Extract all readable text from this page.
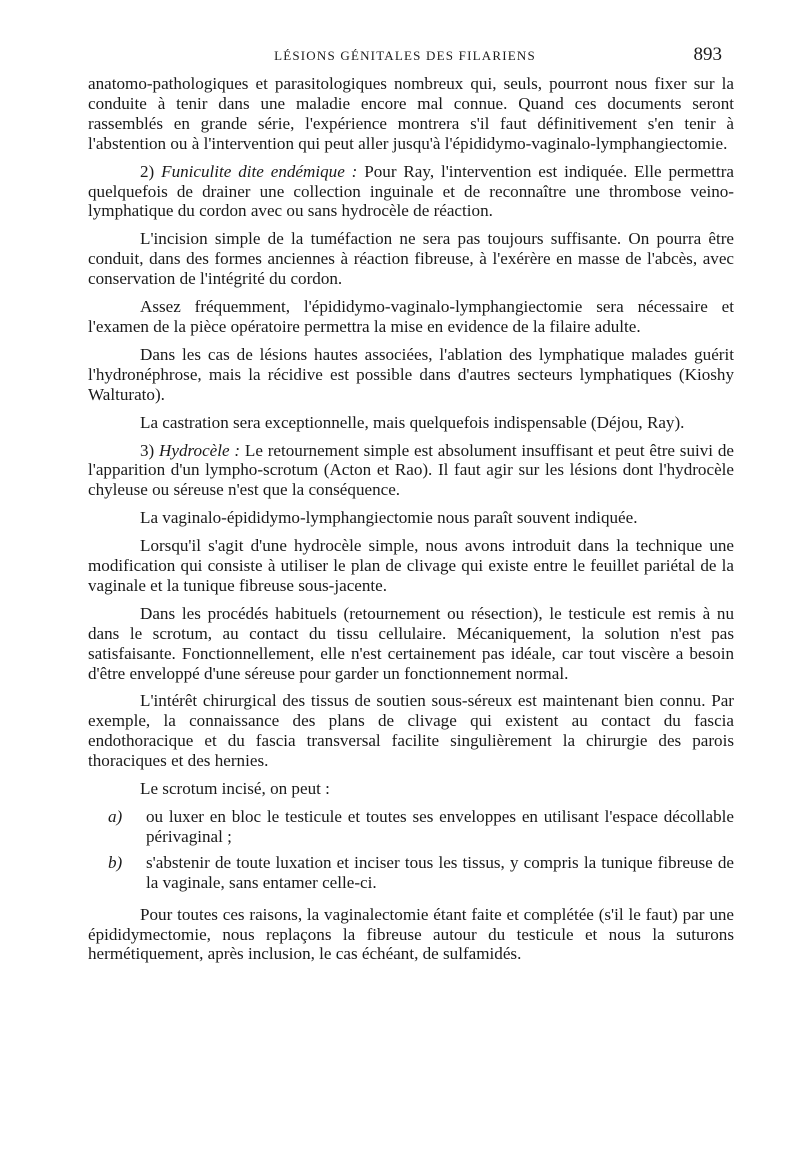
LÉSIONS GÉNITALES DES FILARIENS	893

anatomo-pathologiques et parasitologiques nombreux qui, seuls, pourront nous fixer sur la conduite à tenir dans une maladie encore mal connue. Quand ces documents seront rassemblés en grande série, l'expérience montrera s'il faut définitivement s'en tenir à l'abstention ou à l'intervention qui peut aller jusqu'à l'épididymo-vaginalo-lymphangiectomie.

2) Funiculite dite endémique : Pour Ray, l'intervention est indiquée. Elle permettra quelquefois de drainer une collection inguinale et de reconnaître une thrombose veino-lymphatique du cordon avec ou sans hydrocèle de réaction.

L'incision simple de la tuméfaction ne sera pas toujours suffisante. On pourra être conduit, dans des formes anciennes à réaction fibreuse, à l'exérère en masse de l'abcès, avec conservation de l'intégrité du cordon.

Assez fréquemment, l'épididymo-vaginalo-lymphangiectomie sera nécessaire et l'examen de la pièce opératoire permettra la mise en evidence de la filaire adulte.

Dans les cas de lésions hautes associées, l'ablation des lymphatique malades guérit l'hydronéphrose, mais la récidive est possible dans d'autres secteurs lymphatiques (Kioshy Walturato).

La castration sera exceptionnelle, mais quelquefois indispensable (Déjou, Ray).

3) Hydrocèle : Le retournement simple est absolument insuffisant et peut être suivi de l'apparition d'un lympho-scrotum (Acton et Rao). Il faut agir sur les lésions dont l'hydrocèle chyleuse ou séreuse n'est que la conséquence.

La vaginalo-épididymo-lymphangiectomie nous paraît souvent indiquée.

Lorsqu'il s'agit d'une hydrocèle simple, nous avons introduit dans la technique une modification qui consiste à utiliser le plan de clivage qui existe entre le feuillet pariétal de la vaginale et la tunique fibreuse sous-jacente.

Dans les procédés habituels (retournement ou résection), le testicule est remis à nu dans le scrotum, au contact du tissu cellulaire. Mécaniquement, la solution n'est pas satisfaisante. Fonctionnellement, elle n'est certainement pas idéale, car tout viscère a besoin d'être enveloppé d'une séreuse pour garder un fonctionnement normal.

L'intérêt chirurgical des tissus de soutien sous-séreux est maintenant bien connu. Par exemple, la connaissance des plans de clivage qui existent au contact du fascia endothoracique et du fascia transversal facilite singulièrement la chirurgie des parois thoraciques et des hernies.

Le scrotum incisé, on peut :

a) ou luxer en bloc le testicule et toutes ses enveloppes en utilisant l'espace décollable périvaginal ;
b) s'abstenir de toute luxation et inciser tous les tissus, y compris la tunique fibreuse de la vaginale, sans entamer celle-ci.

Pour toutes ces raisons, la vaginalectomie étant faite et complétée (s'il le faut) par une épididymectomie, nous replaçons la fibreuse autour du testicule et nous la suturons hermétiquement, après inclusion, le cas échéant, de sulfamidés.
